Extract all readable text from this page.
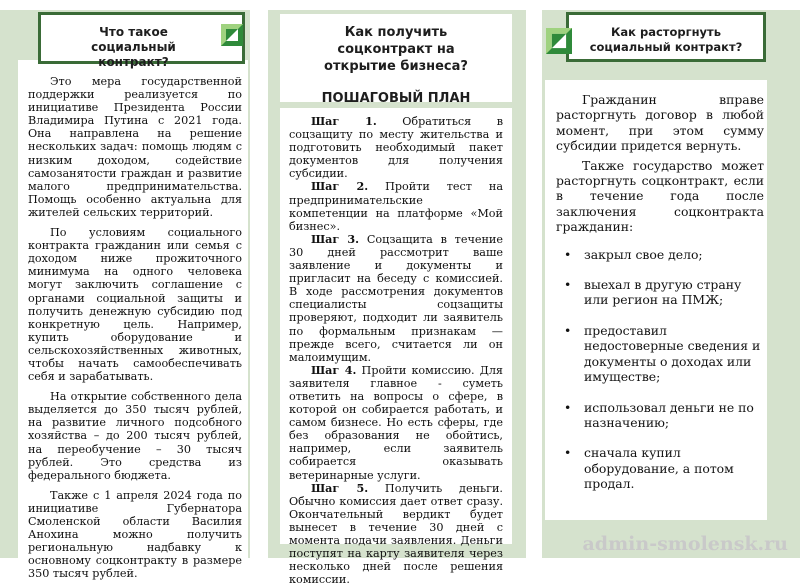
Что такое социальный контракт?

Это мера государственной поддержки реализуется по инициативе Президента России Владимира Путина с 2021 года. Она направлена на решение нескольких задач: помощь людям с низким доходом, содействие самозанятости граждан и развитие малого предпринимательства. Помощь особенно актуальна для жителей сельских территорий.

По условиям социального контракта гражданин или семья с доходом ниже прожиточного минимума на одного человека могут заключить соглашение с органами социальной защиты и получить денежную субсидию под конкретную цель. Например, купить оборудование и сельскохозяйственных животных, чтобы начать самообеспечивать себя и зарабатывать.

На открытие собственного дела выделяется до 350 тысяч рублей, на развитие личного подсобного хозяйства – до 200 тысяч рублей, на переобучение – 30 тысяч рублей. Это средства из федерального бюджета.

Также с 1 апреля 2024 года по инициативе Губернатора Смоленской области Василия Анохина можно получить региональную надбавку к основному соцконтракту в размере 350 тысяч рублей.

Как получить соцконтракт на открытие бизнеса?
ПОШАГОВЫЙ ПЛАН

Шаг 1. Обратиться в соцзащиту по месту жительства и подготовить необходимый пакет документов для получения субсидии.

Шаг 2. Пройти тест на предпринимательские компетенции на платформе «Мой бизнес».

Шаг 3. Соцзащита в течение 30 дней рассмотрит ваше заявление и документы и пригласит на беседу с комиссией. В ходе рассмотрения документов специалисты соцзащиты проверяют, подходит ли заявитель по формальным признакам — прежде всего, считается ли он малоимущим.

Шаг 4. Пройти комиссию. Для заявителя главное - суметь ответить на вопросы о сфере, в которой он собирается работать, и самом бизнесе. Но есть сферы, где без образования не обойтись, например, если заявитель собирается оказывать ветеринарные услуги.

Шаг 5. Получить деньги. Обычно комиссия дает ответ сразу. Окончательный вердикт будет вынесет в течение 30 дней с момента подачи заявления. Деньги поступят на карту заявителя через несколько дней после решения комиссии.

Как расторгнуть социальный контракт?

Гражданин вправе расторгнуть договор в любой момент, при этом сумму субсидии придется вернуть.

Также государство может расторгнуть соцконтракт, если в течение года после заключения соцконтракта гражданин:

• закрыл свое дело;
• выехал в другую страну или регион на ПМЖ;
• предоставил недостоверные сведения и документы о доходах или имуществе;
• использовал деньги не по назначению;
• сначала купил оборудование, а потом продал.
admin-smolensk.ru
